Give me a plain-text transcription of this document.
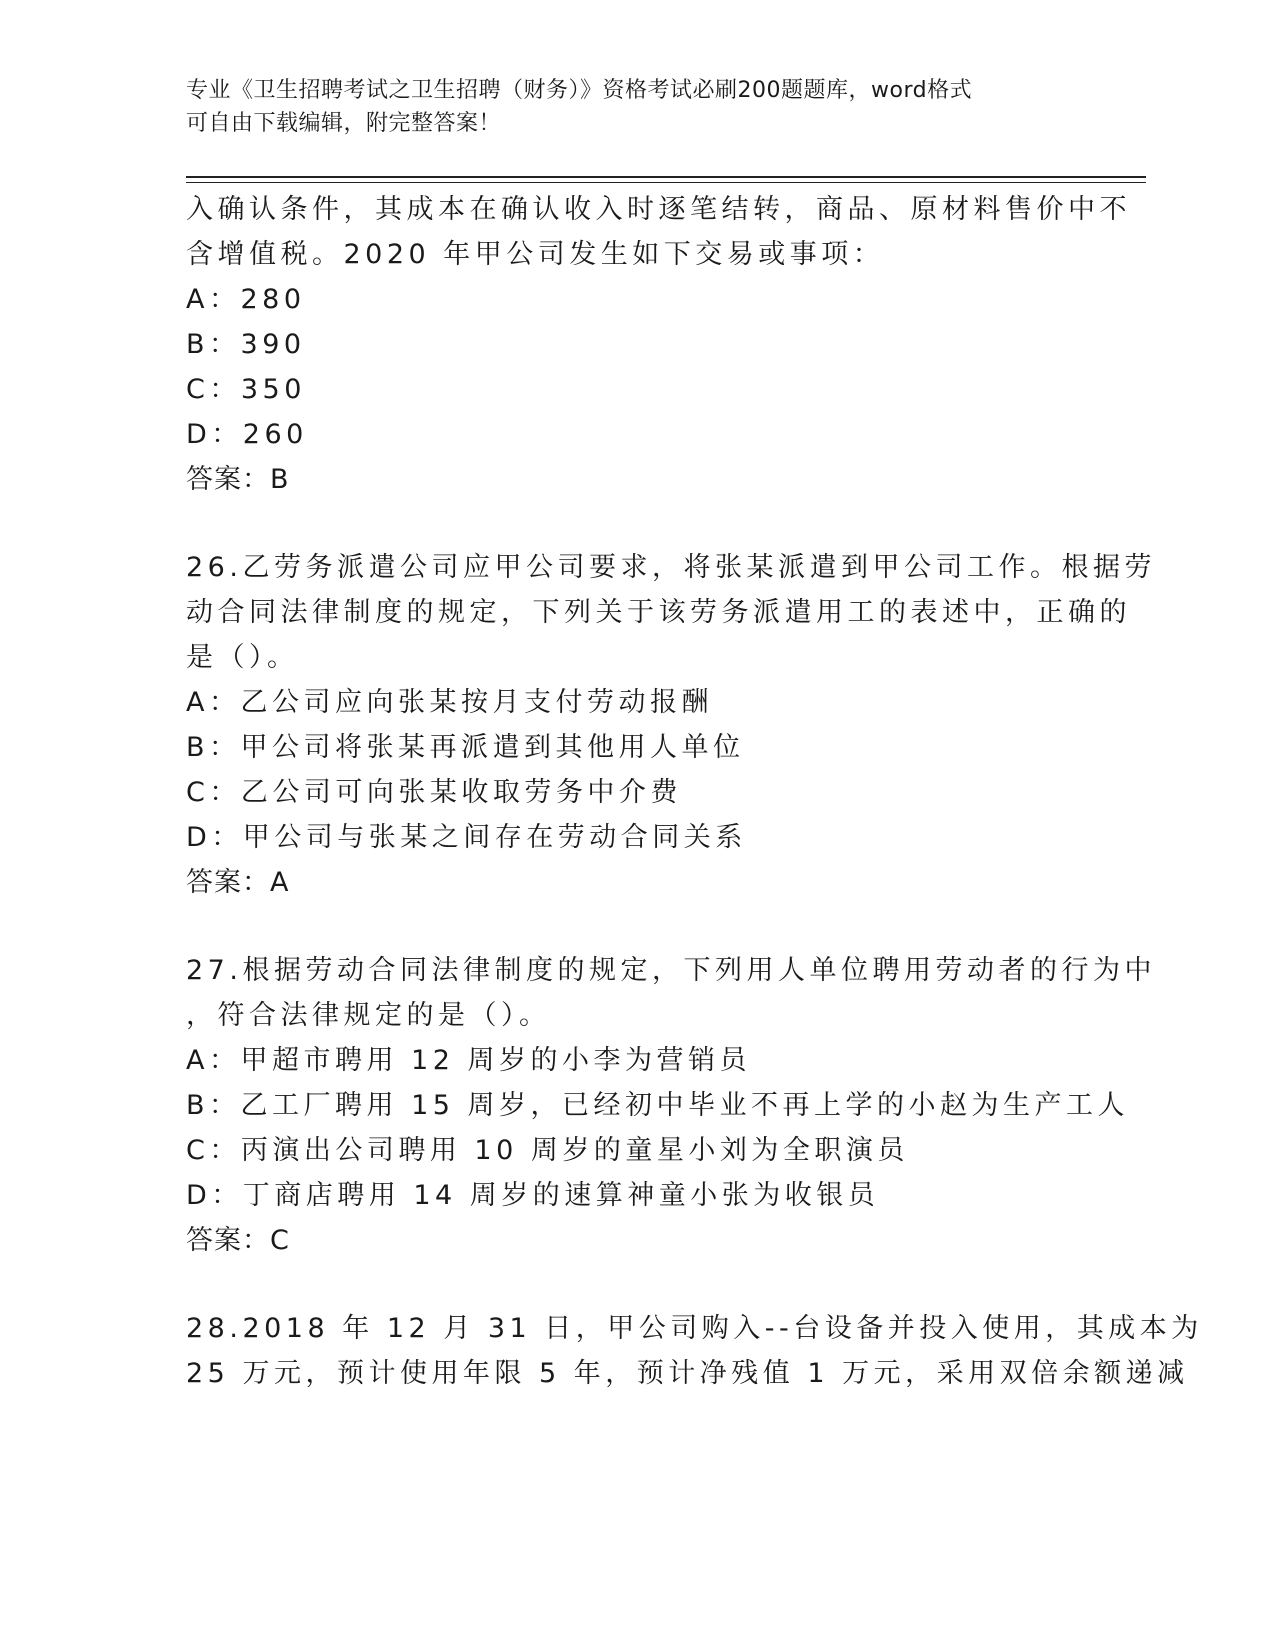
专业《卫生招聘考试之卫生招聘（财务）》资格考试必刷200题题库，word格式
可自由下载编辑，附完整答案！
入确认条件，其成本在确认收入时逐笔结转，商品、原材料售价中不
含增值税。2020 年甲公司发生如下交易或事项：
A：280
B：390
C：350
D：260
答案：B
26.乙劳务派遣公司应甲公司要求，将张某派遣到甲公司工作。根据劳
动合同法律制度的规定，下列关于该劳务派遣用工的表述中，正确的
是（）。
A：乙公司应向张某按月支付劳动报酬
B：甲公司将张某再派遣到其他用人单位
C：乙公司可向张某收取劳务中介费
D：甲公司与张某之间存在劳动合同关系
答案：A
27.根据劳动合同法律制度的规定，下列用人单位聘用劳动者的行为中
，符合法律规定的是（）。
A：甲超市聘用 12 周岁的小李为营销员
B：乙工厂聘用 15 周岁，已经初中毕业不再上学的小赵为生产工人
C：丙演出公司聘用 10 周岁的童星小刘为全职演员
D：丁商店聘用 14 周岁的速算神童小张为收银员
答案：C
28.2018 年 12 月 31 日，甲公司购入--台设备并投入使用，其成本为
25 万元，预计使用年限 5 年，预计净残值 1 万元，采用双倍余额递减
